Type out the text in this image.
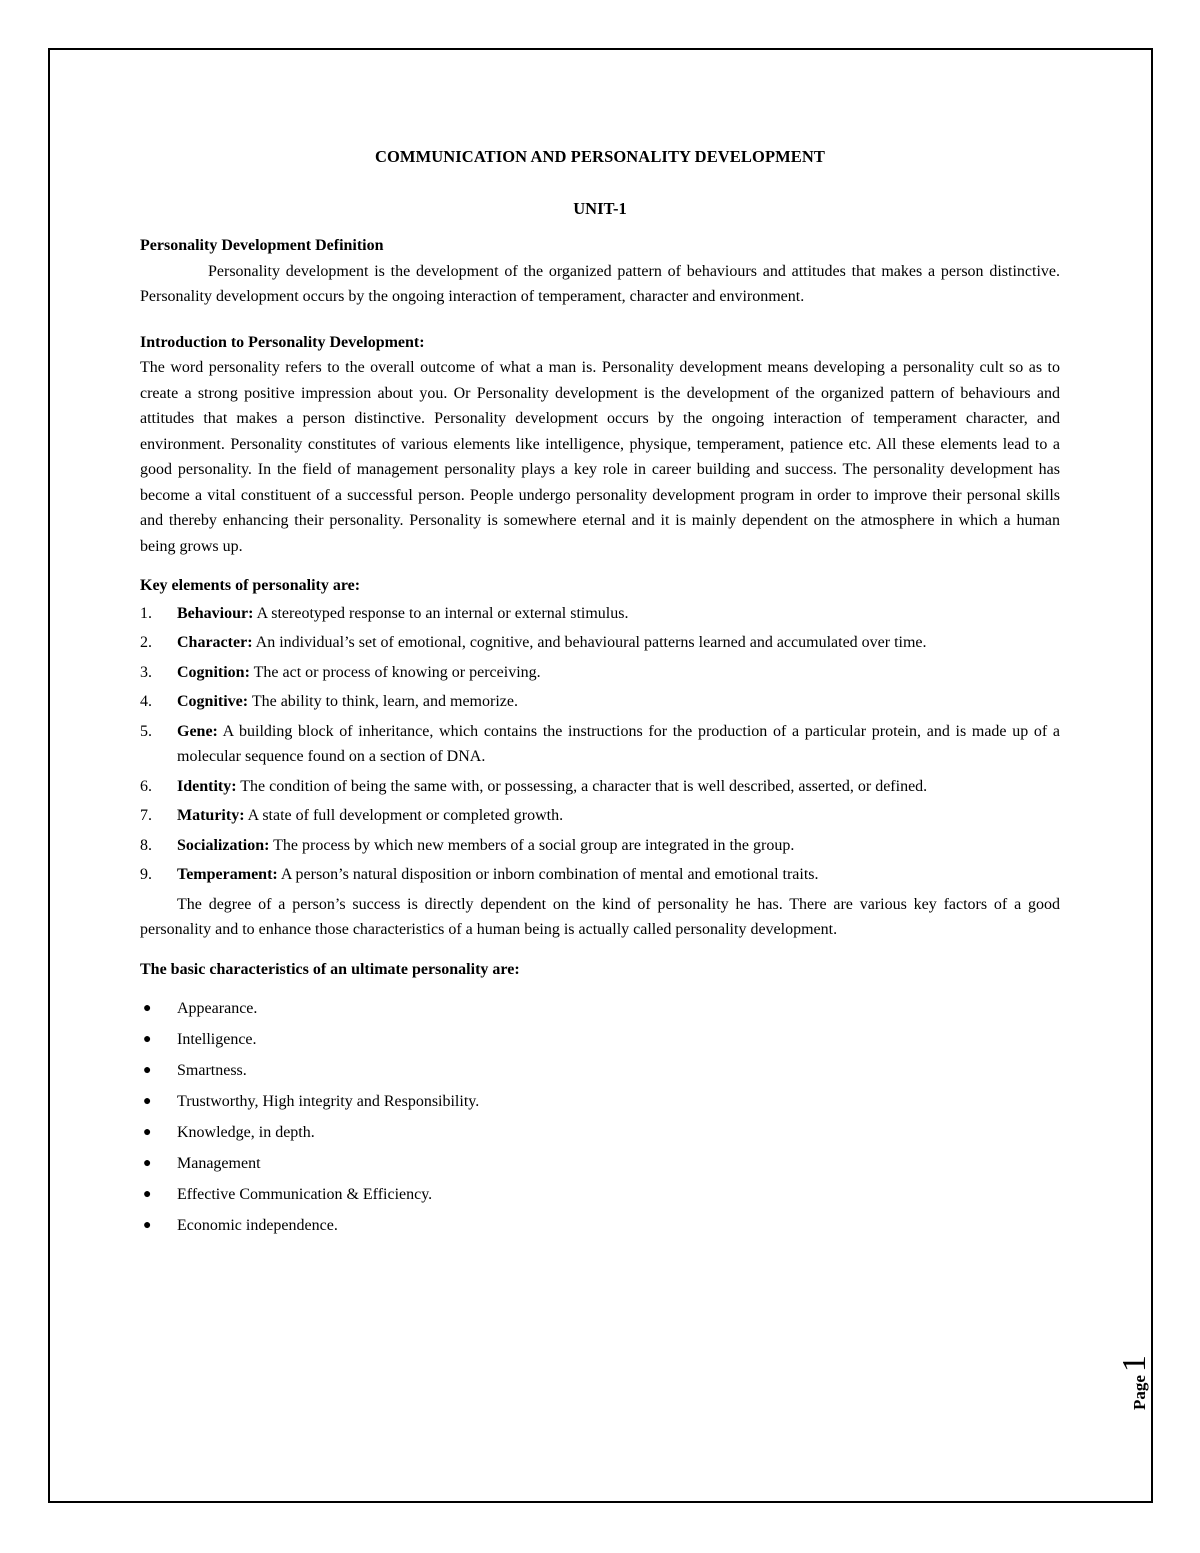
COMMUNICATION AND PERSONALITY DEVELOPMENT
UNIT-1
Personality Development Definition

Personality development is the development of the organized pattern of behaviours and attitudes that makes a person distinctive. Personality development occurs by the ongoing interaction of temperament, character and environment.

Introduction to Personality Development:

The word personality refers to the overall outcome of what a man is. Personality development means developing a personality cult so as to create a strong positive impression about you. Or Personality development is the development of the organized pattern of behaviours and attitudes that makes a person distinctive. Personality development occurs by the ongoing interaction of temperament character, and environment. Personality constitutes of various elements like intelligence, physique, temperament, patience etc. All these elements lead to a good personality. In the field of management personality plays a key role in career building and success. The personality development has become a vital constituent of a successful person. People undergo personality development program in order to improve their personal skills and thereby enhancing their personality. Personality is somewhere eternal and it is mainly dependent on the atmosphere in which a human being grows up.

Key elements of personality are:
1. Behaviour: A stereotyped response to an internal or external stimulus.
2. Character: An individual’s set of emotional, cognitive, and behavioural patterns learned and accumulated over time.
3. Cognition: The act or process of knowing or perceiving.
4. Cognitive: The ability to think, learn, and memorize.
5. Gene: A building block of inheritance, which contains the instructions for the production of a particular protein, and is made up of a molecular sequence found on a section of DNA.
6. Identity: The condition of being the same with, or possessing, a character that is well described, asserted, or defined.
7. Maturity: A state of full development or completed growth.
8. Socialization: The process by which new members of a social group are integrated in the group.
9. Temperament: A person’s natural disposition or inborn combination of mental and emotional traits.

The degree of a person’s success is directly dependent on the kind of personality he has. There are various key factors of a good personality and to enhance those characteristics of a human being is actually called personality development.

The basic characteristics of an ultimate personality are:
● Appearance.
● Intelligence.
● Smartness.
● Trustworthy, High integrity and Responsibility.
● Knowledge, in depth.
● Management
● Effective Communication & Efficiency.
● Economic independence.
Page1
